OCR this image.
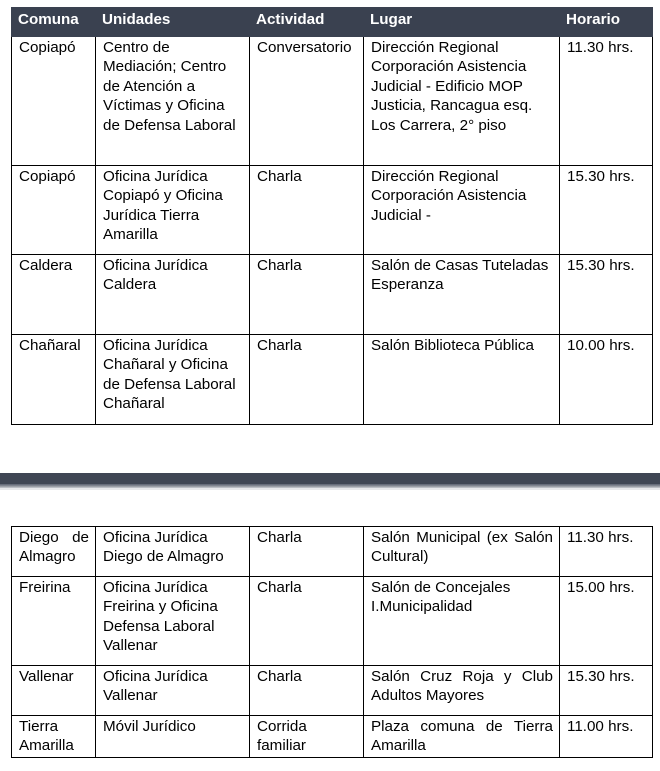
Comuna	Unidades	Actividad	Lugar	Horario
Copiapó	Centro de Mediación; Centro de Atención a Víctimas y Oficina de Defensa Laboral	Conversatorio	Dirección Regional Corporación Asistencia Judicial - Edificio MOP Justicia, Rancagua esq. Los Carrera, 2° piso	11.30 hrs.
Copiapó	Oficina Jurídica Copiapó y Oficina Jurídica Tierra Amarilla	Charla	Dirección Regional Corporación Asistencia Judicial -	15.30 hrs.
Caldera	Oficina Jurídica Caldera	Charla	Salón de Casas Tuteladas Esperanza	15.30 hrs.
Chañaral	Oficina Jurídica Chañaral y Oficina de Defensa Laboral Chañaral	Charla	Salón Biblioteca Pública	10.00 hrs.
Diego de Almagro	Oficina Jurídica Diego de Almagro	Charla	Salón Municipal (ex Salón Cultural)	11.30 hrs.
Freirina	Oficina Jurídica Freirina y Oficina Defensa Laboral Vallenar	Charla	Salón de Concejales I.Municipalidad	15.00 hrs.
Vallenar	Oficina Jurídica Vallenar	Charla	Salón Cruz Roja y Club Adultos Mayores	15.30 hrs.
Tierra Amarilla	Móvil Jurídico	Corrida familiar	Plaza comuna de Tierra Amarilla	11.00 hrs.
